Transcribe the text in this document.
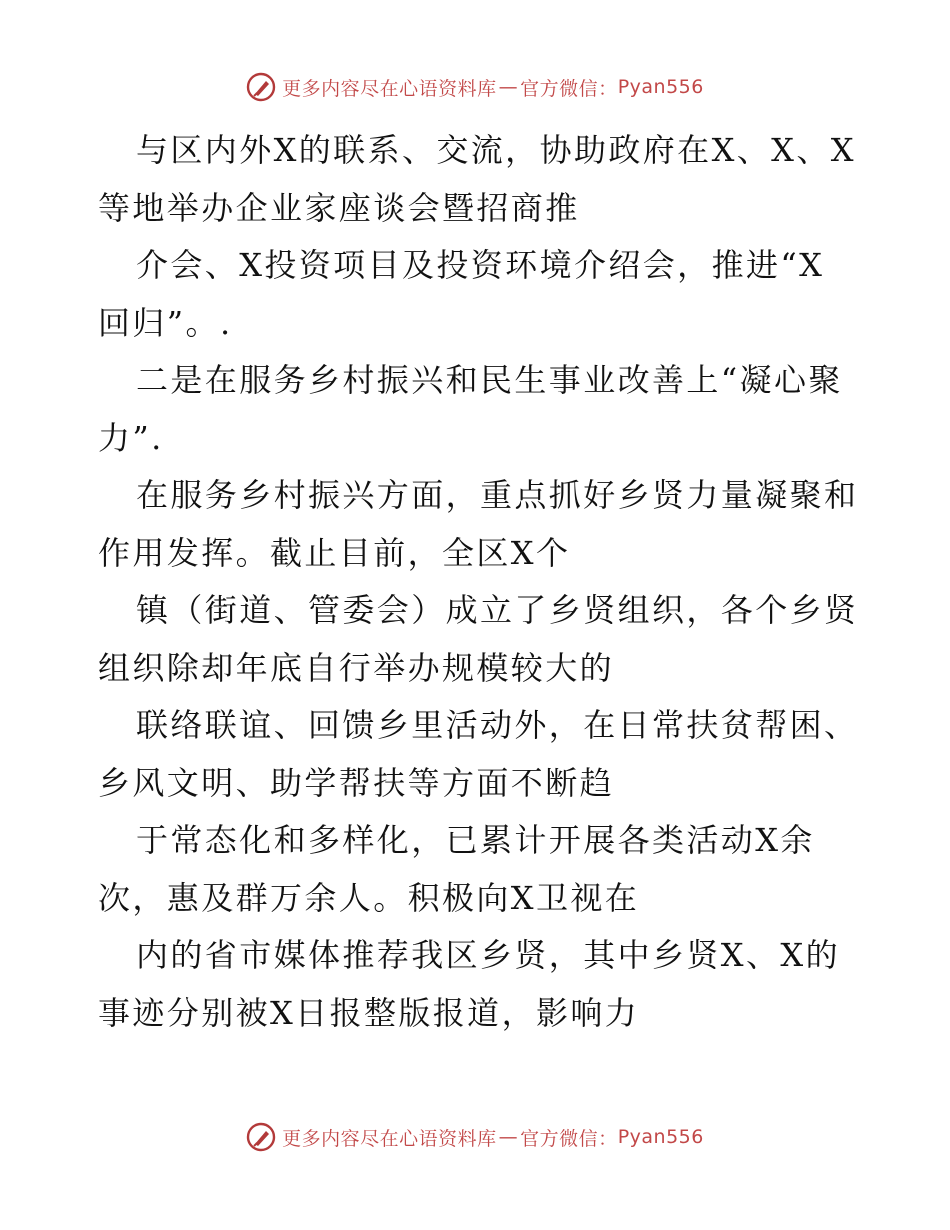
更多内容尽在心语资料库 — 官方微信： Pyan556
与区内外X的联系、交流，协助政府在X、X、X
等地举办企业家座谈会暨招商推
介会、X投资项目及投资环境介绍会，推进“X
回归”。.
二是在服务乡村振兴和民生事业改善上“凝心聚
力”.
在服务乡村振兴方面，重点抓好乡贤力量凝聚和
作用发挥。截止目前，全区X个
镇（街道、管委会）成立了乡贤组织，各个乡贤
组织除却年底自行举办规模较大的
联络联谊、回馈乡里活动外，在日常扶贫帮困、
乡风文明、助学帮扶等方面不断趋
于常态化和多样化，已累计开展各类活动X余
次，惠及群万余人。积极向X卫视在
内的省市媒体推荐我区乡贤，其中乡贤X、X的
事迹分别被X日报整版报道，影响力
更多内容尽在心语资料库 — 官方微信： Pyan556
